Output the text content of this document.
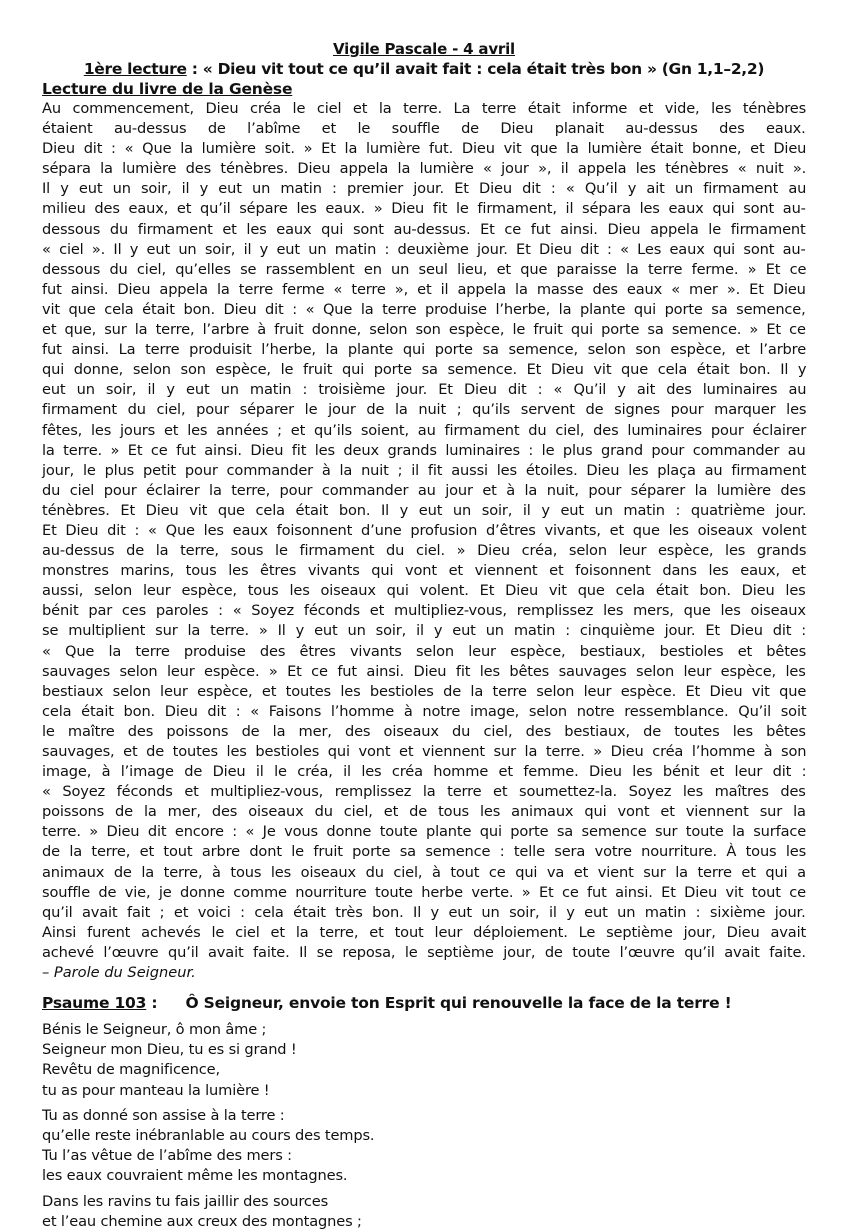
Vigile Pascale - 4 avril
1ère lecture : « Dieu vit tout ce qu’il avait fait : cela était très bon » (Gn 1,1–2,2)
Lecture du livre de la Genèse
Au commencement, Dieu créa le ciel et la terre. La terre était informe et vide, les ténèbres
étaient au-dessus de l’abîme et le souffle de Dieu planait au-dessus des eaux.
Dieu dit : « Que la lumière soit. » Et la lumière fut. Dieu vit que la lumière était bonne, et Dieu
sépara la lumière des ténèbres. Dieu appela la lumière « jour », il appela les ténèbres « nuit ».
Il y eut un soir, il y eut un matin : premier jour. Et Dieu dit : « Qu’il y ait un firmament au
milieu des eaux, et qu’il sépare les eaux. » Dieu fit le firmament, il sépara les eaux qui sont au-
dessous du firmament et les eaux qui sont au-dessus. Et ce fut ainsi. Dieu appela le firmament
« ciel ». Il y eut un soir, il y eut un matin : deuxième jour. Et Dieu dit : « Les eaux qui sont au-
dessous du ciel, qu’elles se rassemblent en un seul lieu, et que paraisse la terre ferme. » Et ce
fut ainsi. Dieu appela la terre ferme « terre », et il appela la masse des eaux « mer ». Et Dieu
vit que cela était bon. Dieu dit : « Que la terre produise l’herbe, la plante qui porte sa semence,
et que, sur la terre, l’arbre à fruit donne, selon son espèce, le fruit qui porte sa semence. » Et ce
fut ainsi. La terre produisit l’herbe, la plante qui porte sa semence, selon son espèce, et l’arbre
qui donne, selon son espèce, le fruit qui porte sa semence. Et Dieu vit que cela était bon. Il y
eut un soir, il y eut un matin : troisième jour. Et Dieu dit : « Qu’il y ait des luminaires au
firmament du ciel, pour séparer le jour de la nuit ; qu’ils servent de signes pour marquer les
fêtes, les jours et les années ; et qu’ils soient, au firmament du ciel, des luminaires pour éclairer
la terre. » Et ce fut ainsi. Dieu fit les deux grands luminaires : le plus grand pour commander au
jour, le plus petit pour commander à la nuit ; il fit aussi les étoiles. Dieu les plaça au firmament
du ciel pour éclairer la terre, pour commander au jour et à la nuit, pour séparer la lumière des
ténèbres. Et Dieu vit que cela était bon. Il y eut un soir, il y eut un matin : quatrième jour.
Et Dieu dit : « Que les eaux foisonnent d’une profusion d’êtres vivants, et que les oiseaux volent
au-dessus de la terre, sous le firmament du ciel. » Dieu créa, selon leur espèce, les grands
monstres marins, tous les êtres vivants qui vont et viennent et foisonnent dans les eaux, et
aussi, selon leur espèce, tous les oiseaux qui volent. Et Dieu vit que cela était bon. Dieu les
bénit par ces paroles : « Soyez féconds et multipliez-vous, remplissez les mers, que les oiseaux
se multiplient sur la terre. » Il y eut un soir, il y eut un matin : cinquième jour. Et Dieu dit :
« Que la terre produise des êtres vivants selon leur espèce, bestiaux, bestioles et bêtes
sauvages selon leur espèce. » Et ce fut ainsi. Dieu fit les bêtes sauvages selon leur espèce, les
bestiaux selon leur espèce, et toutes les bestioles de la terre selon leur espèce. Et Dieu vit que
cela était bon. Dieu dit : « Faisons l’homme à notre image, selon notre ressemblance. Qu’il soit
le maître des poissons de la mer, des oiseaux du ciel, des bestiaux, de toutes les bêtes
sauvages, et de toutes les bestioles qui vont et viennent sur la terre. » Dieu créa l’homme à son
image, à l’image de Dieu il le créa, il les créa homme et femme. Dieu les bénit et leur dit :
« Soyez féconds et multipliez-vous, remplissez la terre et soumettez-la. Soyez les maîtres des
poissons de la mer, des oiseaux du ciel, et de tous les animaux qui vont et viennent sur la
terre. » Dieu dit encore : « Je vous donne toute plante qui porte sa semence sur toute la surface
de la terre, et tout arbre dont le fruit porte sa semence : telle sera votre nourriture. À tous les
animaux de la terre, à tous les oiseaux du ciel, à tout ce qui va et vient sur la terre et qui a
souffle de vie, je donne comme nourriture toute herbe verte. » Et ce fut ainsi. Et Dieu vit tout ce
qu’il avait fait ; et voici : cela était très bon. Il y eut un soir, il y eut un matin : sixième jour.
Ainsi furent achevés le ciel et la terre, et tout leur déploiement. Le septième jour, Dieu avait
achevé l’œuvre qu’il avait faite. Il se reposa, le septième jour, de toute l’œuvre qu’il avait faite.
– Parole du Seigneur.
Psaume 103 : Ô Seigneur, envoie ton Esprit qui renouvelle la face de la terre !
Bénis le Seigneur, ô mon âme ;
Seigneur mon Dieu, tu es si grand !
Revêtu de magnificence,
tu as pour manteau la lumière !
Tu as donné son assise à la terre :
qu’elle reste inébranlable au cours des temps.
Tu l’as vêtue de l’abîme des mers :
les eaux couvraient même les montagnes.
Dans les ravins tu fais jaillir des sources
et l’eau chemine aux creux des montagnes ;
